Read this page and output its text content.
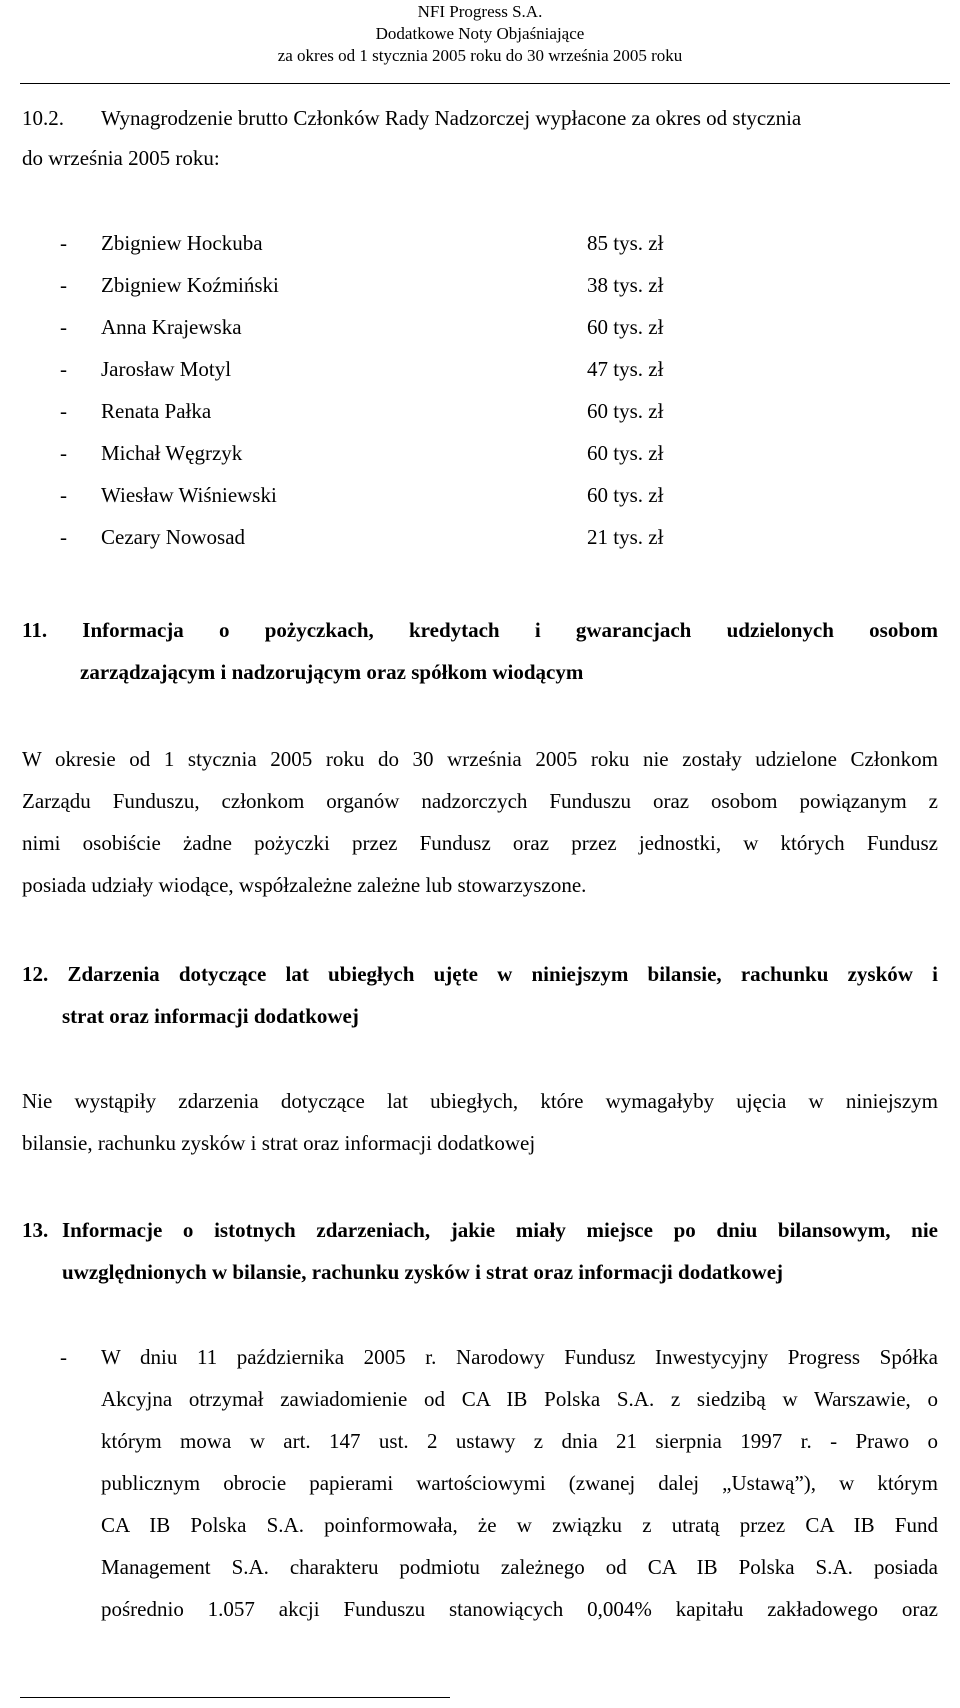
NFI Progress S.A.
Dodatkowe Noty Objaśniające
za okres od 1 stycznia 2005 roku do 30 września 2005 roku
10.2. Wynagrodzenie brutto Członków Rady Nadzorczej wypłacone za okres od stycznia
do września 2005 roku:
- Zbigniew Hockuba	85 tys. zł
- Zbigniew Koźmiński	38 tys. zł
- Anna Krajewska	60 tys. zł
- Jarosław Motyl	47 tys. zł
- Renata Pałka	60 tys. zł
- Michał Węgrzyk	60 tys. zł
- Wiesław Wiśniewski	60 tys. zł
- Cezary Nowosad	21 tys. zł
11. Informacja o pożyczkach, kredytach i gwarancjach udzielonych osobom
zarządzającym i nadzorującym oraz spółkom wiodącym
W okresie od 1 stycznia 2005 roku do 30 września 2005 roku nie zostały udzielone Członkom
Zarządu Funduszu, członkom organów nadzorczych Funduszu oraz osobom powiązanym z
nimi osobiście żadne pożyczki przez Fundusz oraz przez jednostki, w których Fundusz
posiada udziały wiodące, współzależne zależne lub stowarzyszone.
12. Zdarzenia dotyczące lat ubiegłych ujęte w niniejszym bilansie, rachunku zysków i
strat oraz informacji dodatkowej
Nie wystąpiły zdarzenia dotyczące lat ubiegłych, które wymagałyby ujęcia w niniejszym
bilansie, rachunku zysków i strat oraz informacji dodatkowej
13. Informacje o istotnych zdarzeniach, jakie miały miejsce po dniu bilansowym, nie
uwzględnionych w bilansie, rachunku zysków i strat oraz informacji dodatkowej
- W dniu 11 października 2005 r. Narodowy Fundusz Inwestycyjny Progress Spółka
Akcyjna otrzymał zawiadomienie od CA IB Polska S.A. z siedzibą w Warszawie, o
którym mowa w art. 147 ust. 2 ustawy z dnia 21 sierpnia 1997 r. - Prawo o
publicznym obrocie papierami wartościowymi (zwanej dalej „Ustawą”), w którym
CA IB Polska S.A. poinformowała, że w związku z utratą przez CA IB Fund
Management S.A. charakteru podmiotu zależnego od CA IB Polska S.A. posiada
pośrednio 1.057 akcji Funduszu stanowiących 0,004% kapitału zakładowego oraz
